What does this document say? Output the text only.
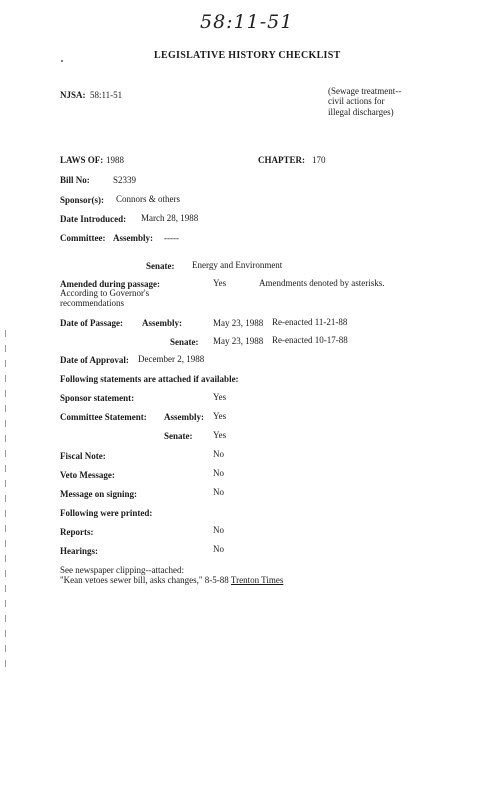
58:11-51
LEGISLATIVE HISTORY CHECKLIST
NJSA: 58:11-51	(Sewage treatment--civil actions for illegal discharges)
LAWS OF: 1988	CHAPTER: 170
Bill No:	S2339
Sponsor(s): Connors & others
Date Introduced: March 28, 1988
Committee: Assembly: -----
Senate: Energy and Environment
Amended during passage:	Yes	Amendments denoted by asterisks.
According to Governor's recommendations
Date of Passage: Assembly:	May 23, 1988 Re-enacted 11-21-88
Senate: May 23, 1988 Re-enacted 10-17-88
Date of Approval: December 2, 1988
Following statements are attached if available:
Sponsor statement:	Yes
Committee Statement: Assembly: Yes
Senate: Yes
Fiscal Note:	No
Veto Message:	No
Message on signing:	No
Following were printed:
Reports:	No
Hearings:	No
See newspaper clipping--attached:
"Kean vetoes sewer bill, asks changes," 8-5-88 Trenton Times
